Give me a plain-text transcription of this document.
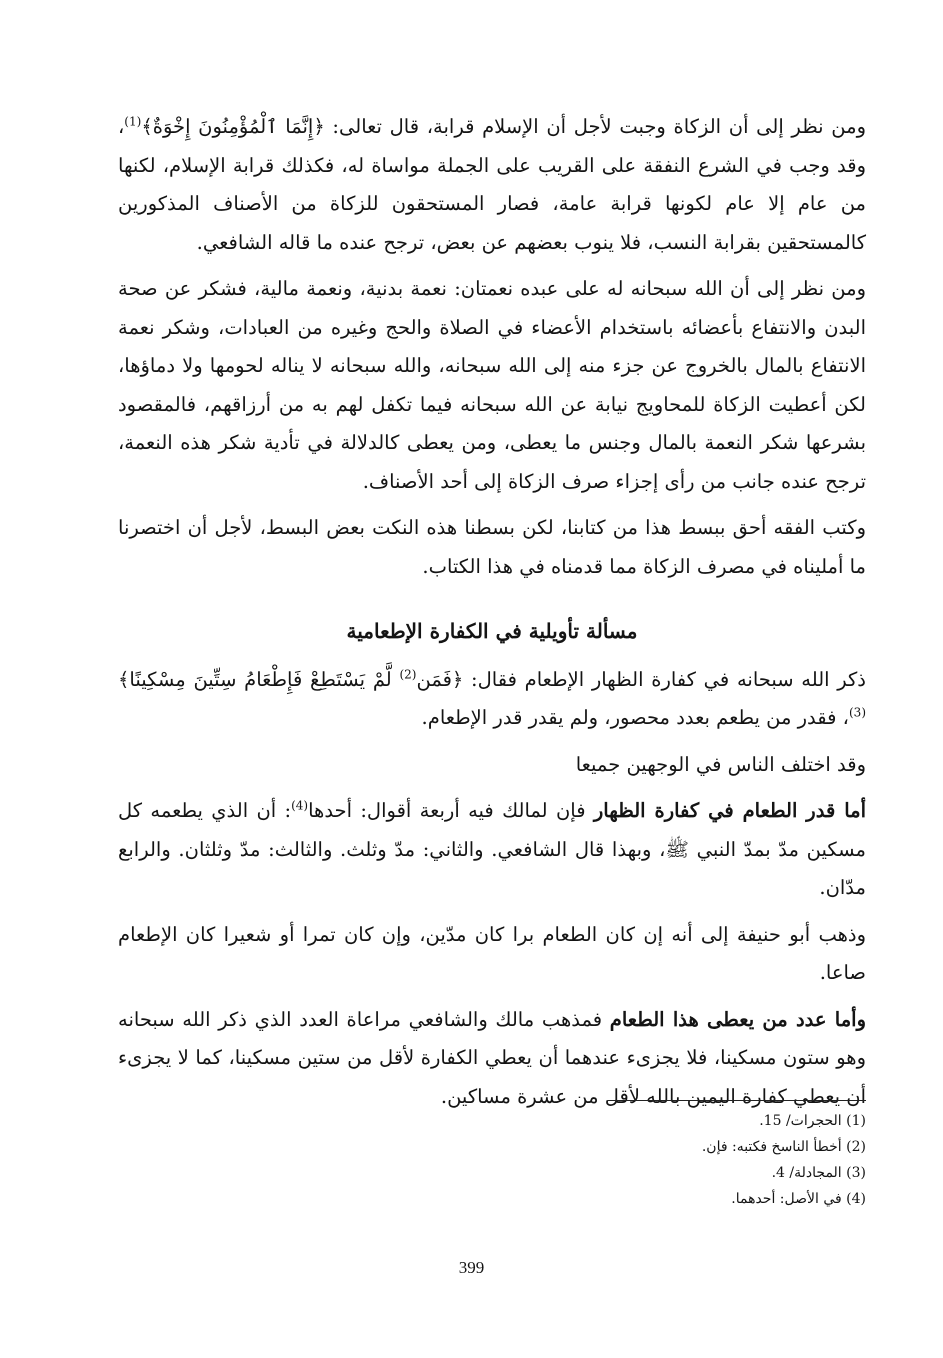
ومن نظر إلى أن الزكاة وجبت لأجل أن الإسلام قرابة، قال تعالى: ﴿إِنَّمَا ٱلْمُؤْمِنُونَ إِخْوَةٌ﴾$^{(1)}$، وقد وجب في الشرع النفقة على القريب على الجملة مواساة له، فكذلك قرابة الإسلام، لكنها من عام إلا عام لكونها قرابة عامة، فصار المستحقون للزكاة من الأصناف المذكورين كالمستحقين بقرابة النسب، فلا ينوب بعضهم عن بعض، ترجح عنده ما قاله الشافعي.

ومن نظر إلى أن الله سبحانه له على عبده نعمتان: نعمة بدنية، ونعمة مالية، فشكر عن صحة البدن والانتفاع بأعضائه باستخدام الأعضاء في الصلاة والحج وغيره من العبادات، وشكر نعمة الانتفاع بالمال بالخروج عن جزء منه إلى الله سبحانه، والله سبحانه لا يناله لحومها ولا دماؤها، لكن أعطيت الزكاة للمحاويج نيابة عن الله سبحانه فيما تكفل لهم به من أرزاقهم، فالمقصود بشرعها شكر النعمة بالمال وجنس ما يعطى، ومن يعطى كالدلالة في تأدية شكر هذه النعمة، ترجح عنده جانب من رأى إجزاء صرف الزكاة إلى أحد الأصناف.

وكتب الفقه أحق ببسط هذا من كتابنا، لكن بسطنا هذه النكت بعض البسط، لأجل أن اختصرنا ما أمليناه في مصرف الزكاة مما قدمناه في هذا الكتاب.

مسألة تأويلية في الكفارة الإطعامية

ذكر الله سبحانه في كفارة الظهار الإطعام فقال: ﴿فَمَن$^{(2)}$ لَّمْ يَسْتَطِعْ فَإِطْعَامُ سِتِّينَ مِسْكِينًا﴾$^{(3)}$، فقدر من يطعم بعدد محصور، ولم يقدر قدر الإطعام.

وقد اختلف الناس في الوجهين جميعا

أما قدر الطعام في كفارة الظهار فإن لمالك فيه أربعة أقوال: أحدها$^{(4)}$: أن الذي يطعمه كل مسكين مدّ بمدّ النبي ﷺ، وبهذا قال الشافعي. والثاني: مدّ وثلث. والثالث: مدّ وثلثان. والرابع مدّان.

وذهب أبو حنيفة إلى أنه إن كان الطعام برا كان مدّين، وإن كان تمرا أو شعيرا كان الإطعام صاعا.

وأما عدد من يعطى هذا الطعام فمذهب مالك والشافعي مراعاة العدد الذي ذكر الله سبحانه وهو ستون مسكينا، فلا يجزىء عندهما أن يعطي الكفارة لأقل من ستين مسكينا، كما لا يجزىء أن يعطي كفارة اليمين بالله لأقل من عشرة مساكين.

(1) الحجرات/ 15.
(2) أخطأ الناسخ فكتبه: فإن.
(3) المجادلة/ 4.
(4) في الأصل: أحدهما.
399
